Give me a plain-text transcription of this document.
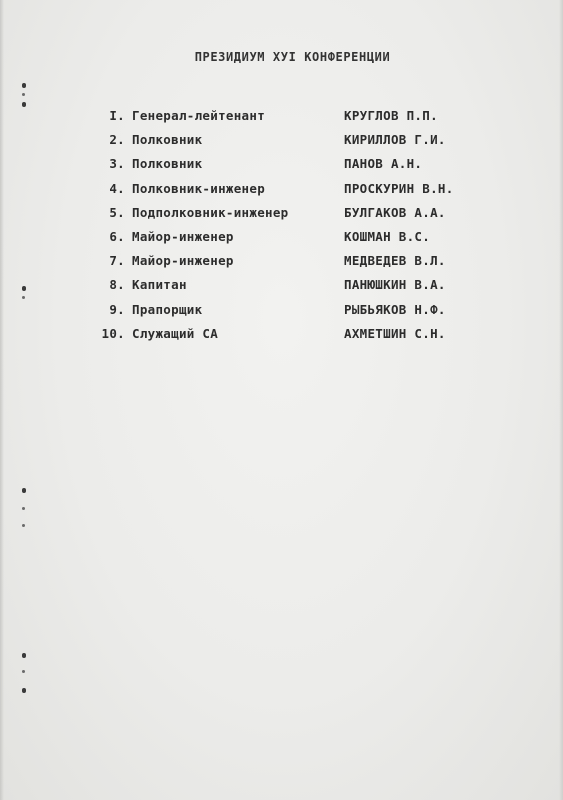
ПРЕЗИДИУМ ХУI КОНФЕРЕНЦИИ
I. Генерал-лейтенант	КРУГЛОВ П.П.
2. Полковник	КИРИЛЛОВ Г.И.
3. Полковник	ПАНОВ А.Н.
4. Полковник-инженер	ПРОСКУРИН В.Н.
5. Подполковник-инженер	БУЛГАКОВ А.А.
6. Майор-инженер	КОШМАН В.С.
7. Майор-инженер	МЕДВЕДЕВ В.Л.
8. Капитан	ПАНЮШКИН В.А.
9. Прапорщик	РЫБЬЯКОВ Н.Ф.
10. Служащий СА	АХМЕТШИН С.Н.
